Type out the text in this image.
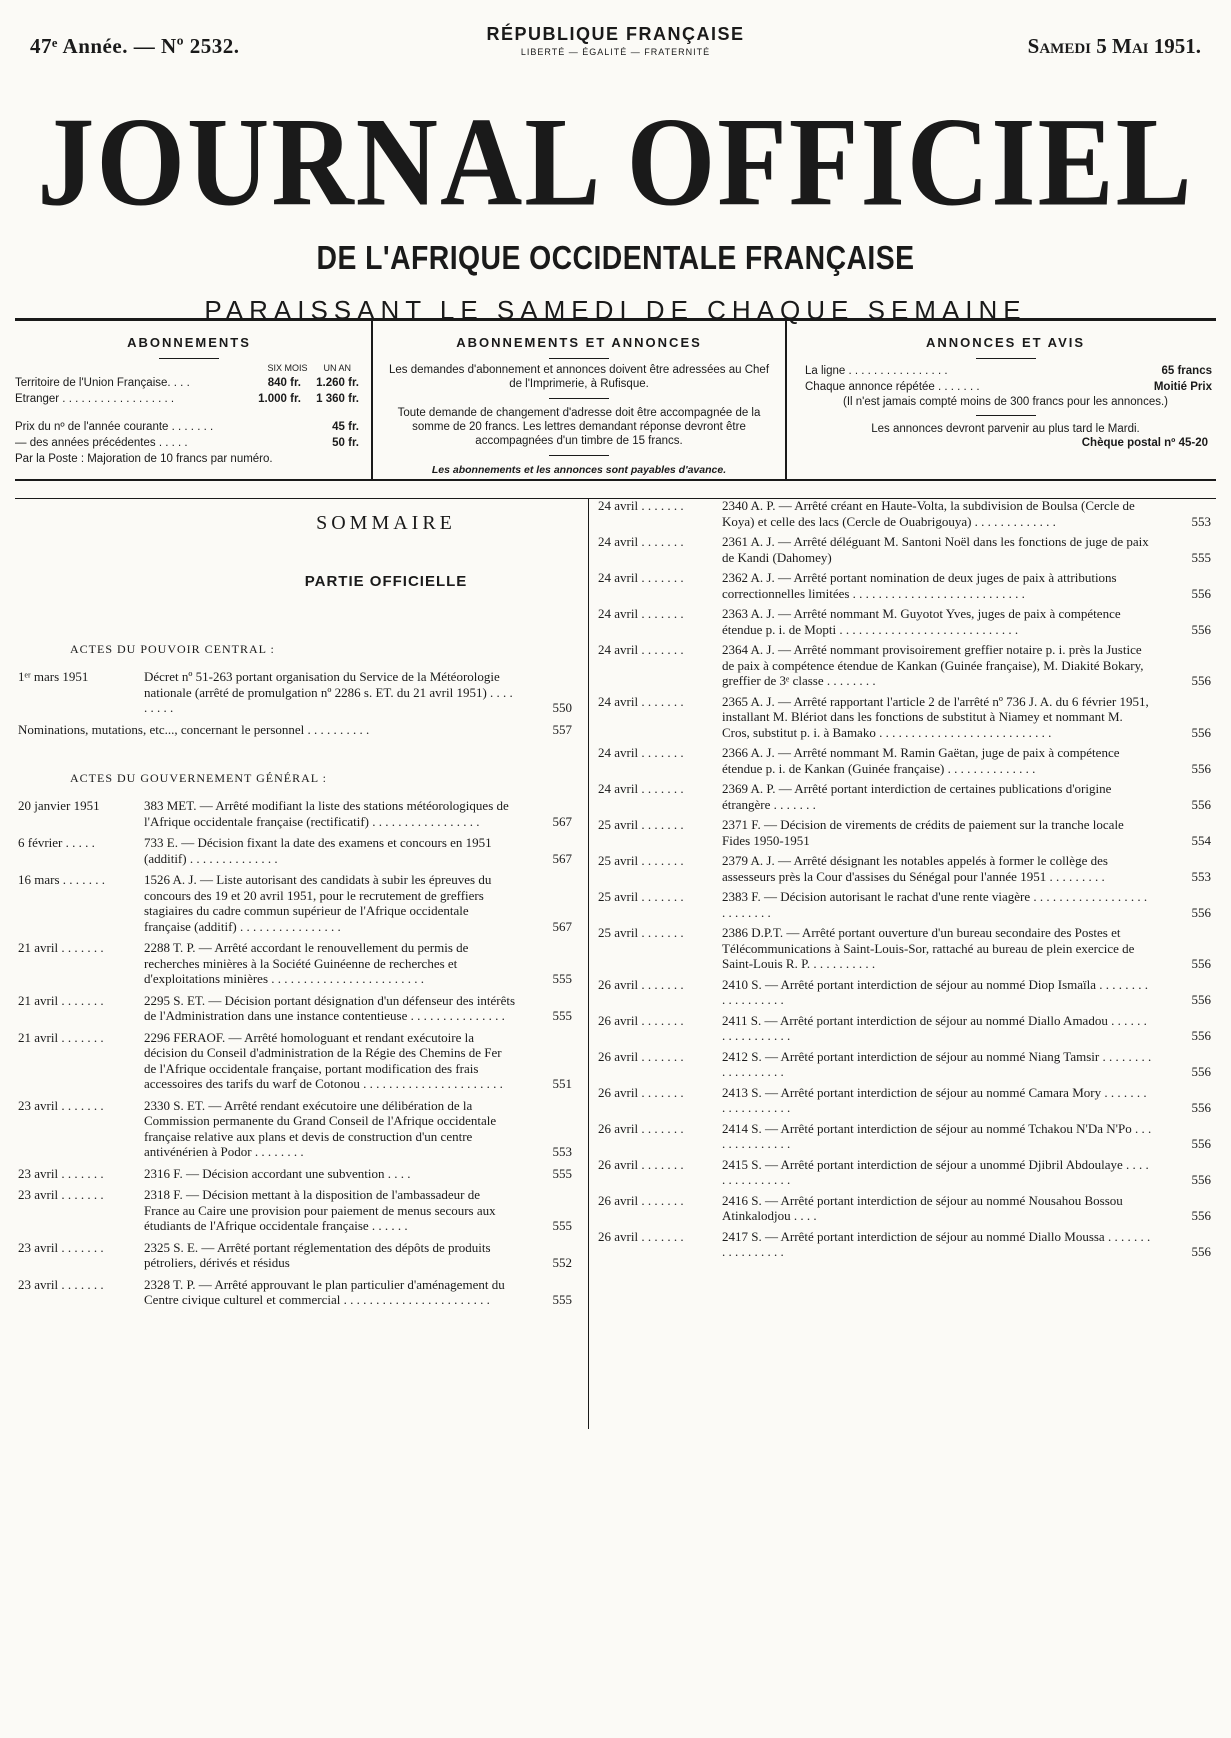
47ᵉ Année. — Nº 2532.	RÉPUBLIQUE FRANÇAISE
LIBERTÉ — ÉGALITÉ — FRATERNITÉ	Samedi 5 Mai 1951.
JOURNAL OFFICIEL
DE L'AFRIQUE OCCIDENTALE FRANÇAISE
PARAISSANT LE SAMEDI DE CHAQUE SEMAINE
ABONNEMENTS
SIX MOIS UN AN
Territoire de l'Union Française. . . .	840 fr.	1.260 fr.
Etranger . . . . . . . . . . . . . . . . . .	1.000 fr.	1 360 fr.
Prix du nº de l'année courante . . . . . . .	45 fr.
— des années précédentes . . . . .	50 fr.
Par la Poste : Majoration de 10 francs par numéro.
ABONNEMENTS ET ANNONCES
Les demandes d'abonnement et annonces doivent être adressées au Chef de l'Imprimerie, à Rufisque.
Toute demande de changement d'adresse doit être accompagnée de la somme de 20 francs. Les lettres demandant réponse devront être accompagnées d'un timbre de 15 francs.
Les abonnements et les annonces sont payables d'avance.
ANNONCES ET AVIS
La ligne . . . . . . . . . . . . . . . .	65 francs
Chaque annonce répétée . . . . . . .	Moitié Prix
(Il n'est jamais compté moins de 300 francs pour les annonces.)
Les annonces devront parvenir au plus tard le Mardi.
Chèque postal nº 45-20
SOMMAIRE
PARTIE OFFICIELLE
ACTES DU POUVOIR CENTRAL :
1ᵉʳ mars 1951	Décret nº 51-263 portant organisation du Service de la Météorologie nationale (arrêté de promulgation nº 2286 s. ET. du 21 avril 1951) . . . . . . . . .	550
Nominations, mutations, etc..., concernant le personnel . . . . . . . . . .	557
ACTES DU GOUVERNEMENT GÉNÉRAL :
20 janvier 1951	383 MET. — Arrêté modifiant la liste des stations météorologiques de l'Afrique occidentale française (rectificatif) . . . . . . . . . . . . . . . . .	567
6 février . . . . .	733 E. — Décision fixant la date des examens et concours en 1951 (additif) . . . . . . . . . . . . . .	567
16 mars . . . . . . .	1526 A. J. — Liste autorisant des candidats à subir les épreuves du concours des 19 et 20 avril 1951, pour le recrutement de greffiers stagiaires du cadre commun supérieur de l'Afrique occidentale française (additif) . . . . . . . . . . . . . . . .	567
21 avril . . . . . . .	2288 T. P. — Arrêté accordant le renouvellement du permis de recherches minières à la Société Guinéenne de recherches et d'exploitations minières . . . . . . . . . . . . . . . . . . . . . . . .	555
21 avril . . . . . . .	2295 S. ET. — Décision portant désignation d'un défenseur des intérêts de l'Administration dans une instance contentieuse . . . . . . . . . . . . . . .	555
21 avril . . . . . . .	2296 FERAOF. — Arrêté homologuant et rendant exécutoire la décision du Conseil d'administration de la Régie des Chemins de Fer de l'Afrique occidentale française, portant modification des frais accessoires des tarifs du warf de Cotonou . . . . . . . . . . . . . . . . . . . . . .	551
23 avril . . . . . . .	2330 S. ET. — Arrêté rendant exécutoire une délibération de la Commission permanente du Grand Conseil de l'Afrique occidentale française relative aux plans et devis de construction d'un centre antivénérien à Podor . . . . . . . .	553
23 avril . . . . . . .	2316 F. — Décision accordant une subvention . . . .	555
23 avril . . . . . . .	2318 F. — Décision mettant à la disposition de l'ambassadeur de France au Caire une provision pour paiement de menus secours aux étudiants de l'Afrique occidentale française . . . . . .	555
23 avril . . . . . . .	2325 S. E. — Arrêté portant réglementation des dépôts de produits pétroliers, dérivés et résidus	552
23 avril . . . . . . .	2328 T. P. — Arrêté approuvant le plan particulier d'aménagement du Centre civique culturel et commercial . . . . . . . . . . . . . . . . . . . . . . .	555
24 avril . . . . . . .	2340 A. P. — Arrêté créant en Haute-Volta, la subdivision de Boulsa (Cercle de Koya) et celle des lacs (Cercle de Ouabrigouya) . . . . . . . . . . . . .	553
24 avril . . . . . . .	2361 A. J. — Arrêté déléguant M. Santoni Noël dans les fonctions de juge de paix de Kandi (Dahomey)	555
24 avril . . . . . . .	2362 A. J. — Arrêté portant nomination de deux juges de paix à attributions correctionnelles limitées . . . . . . . . . . . . . . . . . . . . . . . . . . .	556
24 avril . . . . . . .	2363 A. J. — Arrêté nommant M. Guyotot Yves, juges de paix à compétence étendue p. i. de Mopti . . . . . . . . . . . . . . . . . . . . . . . . . . . .	556
24 avril . . . . . . .	2364 A. J. — Arrêté nommant provisoirement greffier notaire p. i. près la Justice de paix à compétence étendue de Kankan (Guinée française), M. Diakité Bokary, greffier de 3ᵉ classe . . . . . . . .	556
24 avril . . . . . . .	2365 A. J. — Arrêté rapportant l'article 2 de l'arrêté nº 736 J. A. du 6 février 1951, installant M. Blériot dans les fonctions de substitut à Niamey et nommant M. Cros, substitut p. i. à Bamako . . . . . . . . . . . . . . . . . . . . . . . . . . .	556
24 avril . . . . . . .	2366 A. J. — Arrêté nommant M. Ramin Gaëtan, juge de paix à compétence étendue p. i. de Kankan (Guinée française) . . . . . . . . . . . . . .	556
24 avril . . . . . . .	2369 A. P. — Arrêté portant interdiction de certaines publications d'origine étrangère . . . . . . .	556
25 avril . . . . . . .	2371 F. — Décision de virements de crédits de paiement sur la tranche locale Fides 1950-1951	554
25 avril . . . . . . .	2379 A. J. — Arrêté désignant les notables appelés à former le collège des assesseurs près la Cour d'assises du Sénégal pour l'année 1951 . . . . . . . . .	553
25 avril . . . . . . .	2383 F. — Décision autorisant le rachat d'une rente viagère . . . . . . . . . . . . . . . . . . . . . . . . . .	556
25 avril . . . . . . .	2386 D.P.T. — Arrêté portant ouverture d'un bureau secondaire des Postes et Télécommunications à Saint-Louis-Sor, rattaché au bureau de plein exercice de Saint-Louis R. P. . . . . . . . . . .	556
26 avril . . . . . . .	2410 S. — Arrêté portant interdiction de séjour au nommé Diop Ismaïla . . . . . . . . . . . . . . . . . .	556
26 avril . . . . . . .	2411 S. — Arrêté portant interdiction de séjour au nommé Diallo Amadou . . . . . . . . . . . . . . . . .	556
26 avril . . . . . . .	2412 S. — Arrêté portant interdiction de séjour au nommé Niang Tamsir . . . . . . . . . . . . . . . . . .	556
26 avril . . . . . . .	2413 S. — Arrêté portant interdiction de séjour au nommé Camara Mory . . . . . . . . . . . . . . . . . .	556
26 avril . . . . . . .	2414 S. — Arrêté portant interdiction de séjour au nommé Tchakou N'Da N'Po . . . . . . . . . . . . . .	556
26 avril . . . . . . .	2415 S. — Arrêté portant interdiction de séjour a unommé Djibril Abdoulaye . . . . . . . . . . . . . . .	556
26 avril . . . . . . .	2416 S. — Arrêté portant interdiction de séjour au nommé Nousahou Bossou Atinkalodjou . . . .	556
26 avril . . . . . . .	2417 S. — Arrêté portant interdiction de séjour au nommé Diallo Moussa . . . . . . . . . . . . . . . . .	556
